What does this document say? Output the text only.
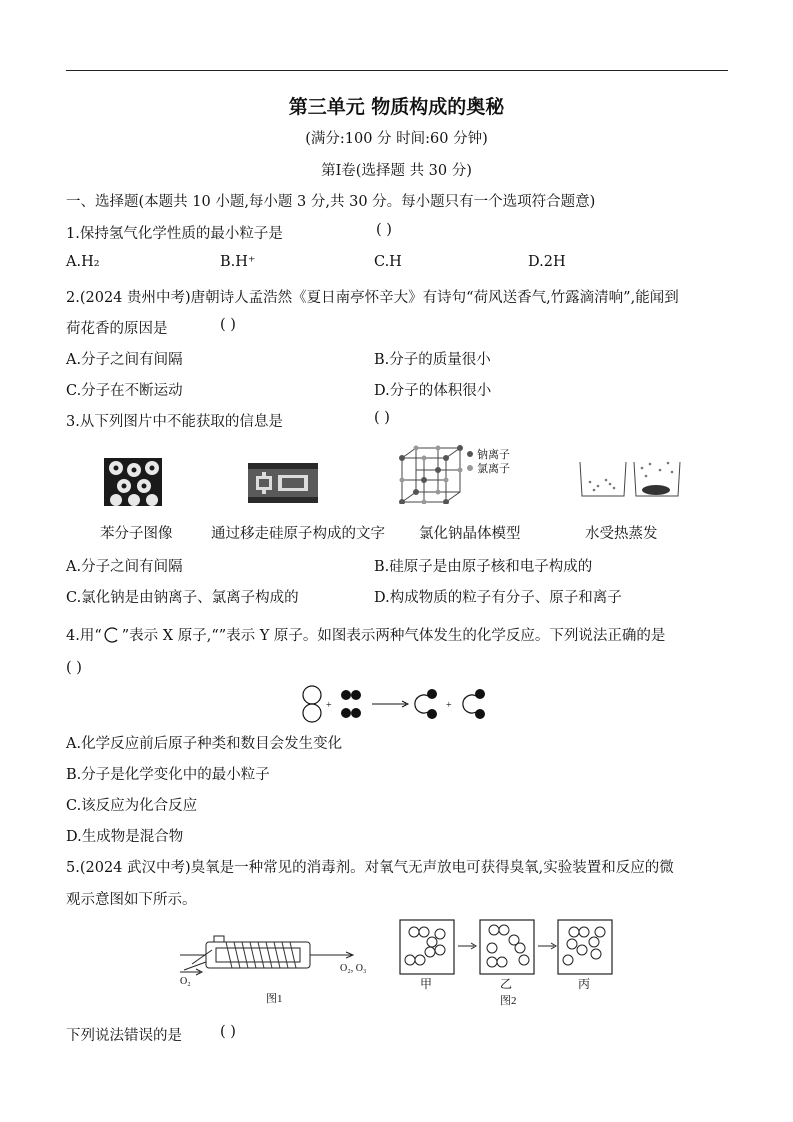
第三单元 物质构成的奥秘
(满分:100 分 时间:60 分钟)
第Ⅰ卷(选择题 共 30 分)
一、选择题(本题共 10 小题,每小题 3 分,共 30 分。每小题只有一个选项符合题意)
1.保持氢气化学性质的最小粒子是	( )
A.H₂	B.H⁺	C.H	D.2H
2.(2024 贵州中考)唐朝诗人孟浩然《夏日南亭怀辛大》有诗句“荷风送香气,竹露滴清响”,能闻到
荷花香的原因是	( )
A.分子之间有间隔	B.分子的质量很小
C.分子在不断运动	D.分子的体积很小
3.从下列图片中不能获取的信息是	( )
钠离子
氯离子
苯分子图像	通过移走硅原子构成的文字 氯化钠晶体模型	水受热蒸发
A.分子之间有间隔	B.硅原子是由原子核和电子构成的
C.氯化钠是由钠离子、氯离子构成的	D.构成物质的粒子有分子、原子和离子
4.用“ ”表示 X 原子,“”表示 Y 原子。如图表示两种气体发生的化学反应。下列说法正确的是
( )
+	+
A.化学反应前后原子种类和数目会发生变化
B.分子是化学变化中的最小粒子
C.该反应为化合反应
D.生成物是混合物
5.(2024 武汉中考)臭氧是一种常见的消毒剂。对氧气无声放电可获得臭氧,实验装置和反应的微
观示意图如下所示。
O₂
O₂, O₃
图1
甲	乙	丙
图2
下列说法错误的是	( )
